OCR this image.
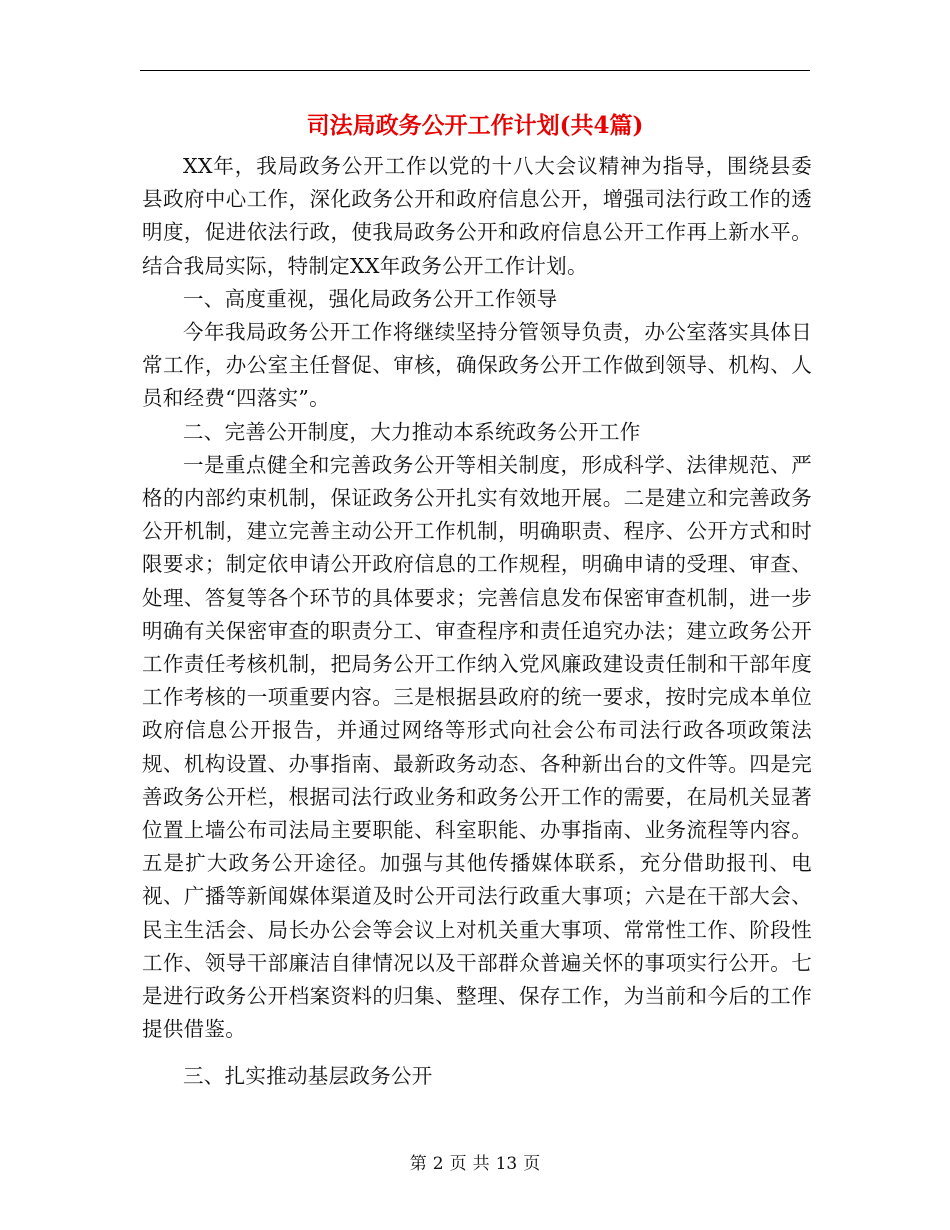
司法局政务公开工作计划(共4篇)

XX年，我局政务公开工作以党的十八大会议精神为指导，围绕县委县政府中心工作，深化政务公开和政府信息公开，增强司法行政工作的透明度，促进依法行政，使我局政务公开和政府信息公开工作再上新水平。结合我局实际，特制定XX年政务公开工作计划。

一、高度重视，强化局政务公开工作领导

今年我局政务公开工作将继续坚持分管领导负责，办公室落实具体日常工作，办公室主任督促、审核，确保政务公开工作做到领导、机构、人员和经费“四落实”。

二、完善公开制度，大力推动本系统政务公开工作

一是重点健全和完善政务公开等相关制度，形成科学、法律规范、严格的内部约束机制，保证政务公开扎实有效地开展。二是建立和完善政务公开机制，建立完善主动公开工作机制，明确职责、程序、公开方式和时限要求；制定依申请公开政府信息的工作规程，明确申请的受理、审查、处理、答复等各个环节的具体要求；完善信息发布保密审查机制，进一步明确有关保密审查的职责分工、审查程序和责任追究办法；建立政务公开工作责任考核机制，把局务公开工作纳入党风廉政建设责任制和干部年度工作考核的一项重要内容。三是根据县政府的统一要求，按时完成本单位政府信息公开报告，并通过网络等形式向社会公布司法行政各项政策法规、机构设置、办事指南、最新政务动态、各种新出台的文件等。四是完善政务公开栏，根据司法行政业务和政务公开工作的需要，在局机关显著位置上墙公布司法局主要职能、科室职能、办事指南、业务流程等内容。五是扩大政务公开途径。加强与其他传播媒体联系，充分借助报刊、电视、广播等新闻媒体渠道及时公开司法行政重大事项；六是在干部大会、民主生活会、局长办公会等会议上对机关重大事项、常常性工作、阶段性工作、领导干部廉洁自律情况以及干部群众普遍关怀的事项实行公开。七是进行政务公开档案资料的归集、整理、保存工作，为当前和今后的工作提供借鉴。

三、扎实推动基层政务公开

第 2 页 共 13 页
